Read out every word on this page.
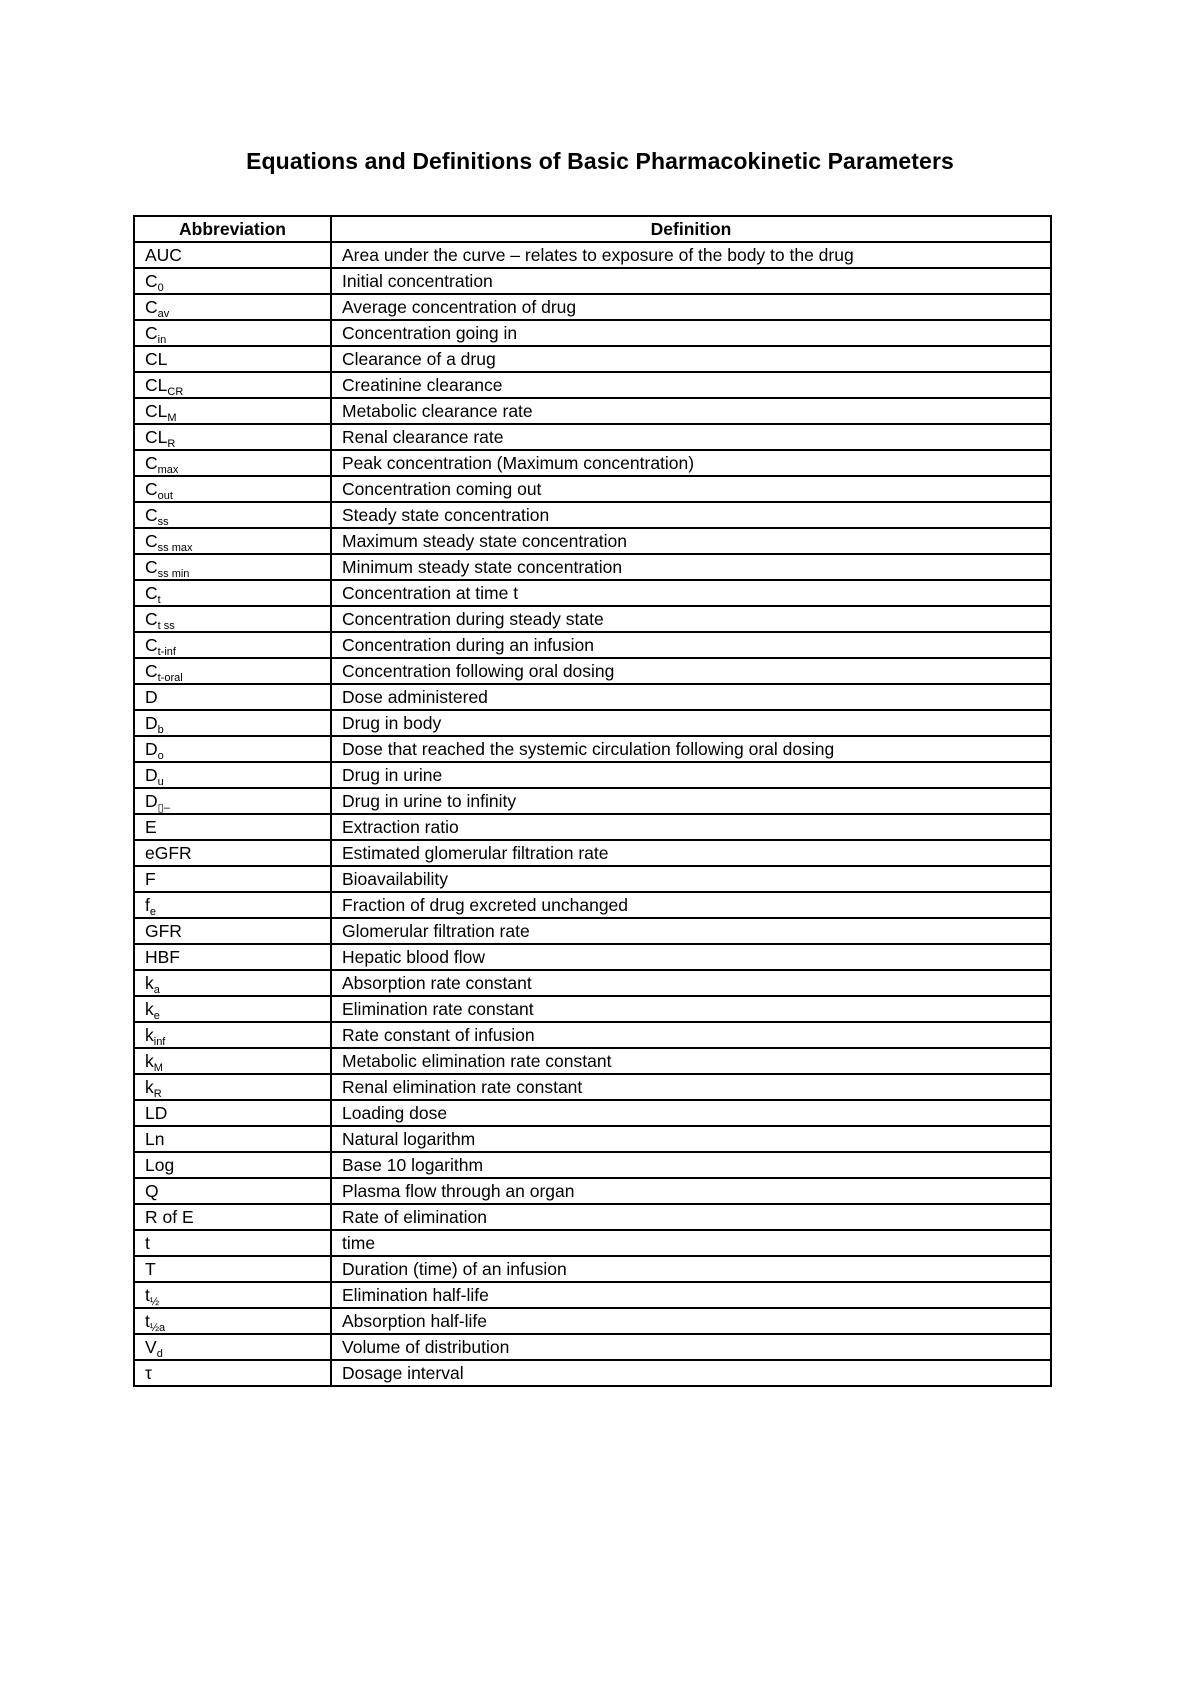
Equations and Definitions of Basic Pharmacokinetic Parameters
Abbreviation	Definition
AUC	Area under the curve – relates to exposure of the body to the drug
$C_0$	Initial concentration
$C_{av}$	Average concentration of drug
$C_{in}$	Concentration going in
CL	Clearance of a drug
$CL_{CR}$	Creatinine clearance
$CL_M$	Metabolic clearance rate
$CL_R$	Renal clearance rate
$C_{max}$	Peak concentration (Maximum concentration)
$C_{out}$	Concentration coming out
$C_{ss}$	Steady state concentration
$C_{ss max}$	Maximum steady state concentration
$C_{ss min}$	Minimum steady state concentration
$C_t$	Concentration at time t
$C_{t ss}$	Concentration during steady state
$C_{t-inf}$	Concentration during an infusion
$C_{t-oral}$	Concentration following oral dosing
D	Dose administered
$D_b$	Drug in body
$D_o$	Dose that reached the systemic circulation following oral dosing
$D_u$	Drug in urine
$D_{▯-}$	Drug in urine to infinity
E	Extraction ratio
eGFR	Estimated glomerular filtration rate
F	Bioavailability
$f_e$	Fraction of drug excreted unchanged
GFR	Glomerular filtration rate
HBF	Hepatic blood flow
$k_a$	Absorption rate constant
$k_e$	Elimination rate constant
$k_{inf}$	Rate constant of infusion
$k_M$	Metabolic elimination rate constant
$k_R$	Renal elimination rate constant
LD	Loading dose
Ln	Natural logarithm
Log	Base 10 logarithm
Q	Plasma flow through an organ
R of E	Rate of elimination
t	time
T	Duration (time) of an infusion
$t_{\frac{1}{2}}$	Elimination half-life
$t_{\frac{1}{2}a}$	Absorption half-life
$V_d$	Volume of distribution
τ	Dosage interval
